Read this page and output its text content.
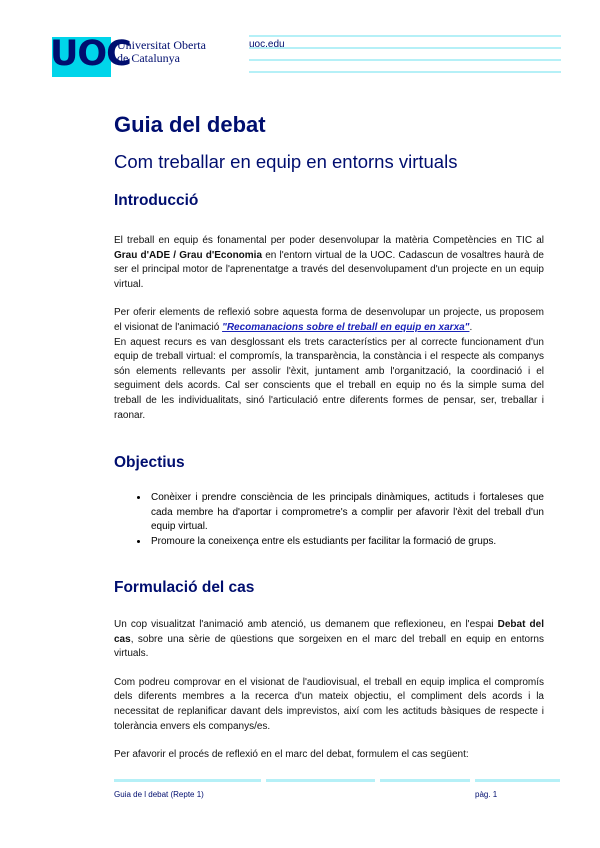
UOC
Universitat Oberta
de Catalunya
uoc.edu
Guia del debat
Com treballar en equip en entorns virtuals
Introducció

El treball en equip és fonamental per poder desenvolupar la matèria Competències en TIC al Grau d'ADE / Grau d'Economia en l'entorn virtual de la UOC. Cadascun de vosaltres haurà de ser el principal motor de l'aprenentatge a través del desenvolupament d'un projecte en un equip virtual.

Per oferir elements de reflexió sobre aquesta forma de desenvolupar un projecte, us proposem el visionat de l'animació "Recomanacions sobre el treball en equip en xarxa".

En aquest recurs es van desglossant els trets característics per al correcte funcionament d'un equip de treball virtual: el compromís, la transparència, la constància i el respecte als companys són elements rellevants per assolir l'èxit, juntament amb l'organització, la coordinació i el seguiment dels acords. Cal ser conscients que el treball en equip no és la simple suma del treball de les individualitats, sinó l'articulació entre diferents formes de pensar, ser, treballar i raonar.

Objectius
• Conèixer i prendre consciència de les principals dinàmiques, actituds i fortaleses que cada membre ha d'aportar i comprometre's a complir per afavorir l'èxit del treball d'un equip virtual.
• Promoure la coneixença entre els estudiants per facilitar la formació de grups.
Formulació del cas

Un cop visualitzat l'animació amb atenció, us demanem que reflexioneu, en l'espai Debat del cas, sobre una sèrie de qüestions que sorgeixen en el marc del treball en equip en entorns virtuals.

Com podreu comprovar en el visionat de l'audiovisual, el treball en equip implica el compromís dels diferents membres a la recerca d'un mateix objectiu, el compliment dels acords i la necessitat de replanificar davant dels imprevistos, així com les actituds bàsiques de respecte i tolerància envers els companys/es.

Per afavorir el procés de reflexió en el marc del debat, formulem el cas següent:

Guia de l debat (Repte 1)	pàg. 1
